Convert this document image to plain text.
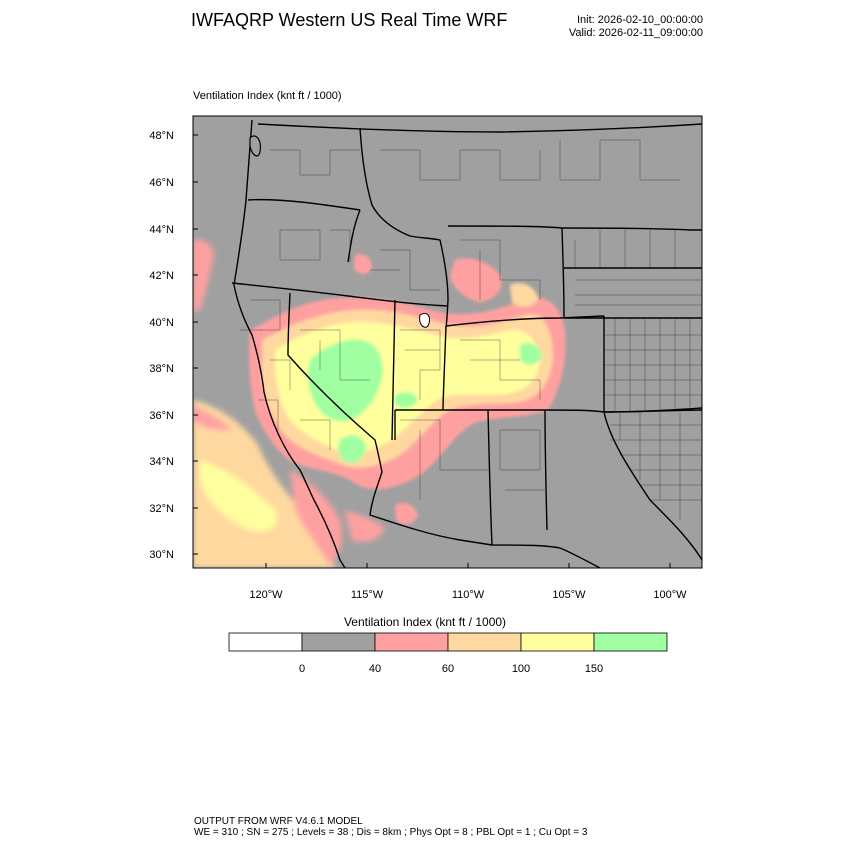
IWFAQRP Western US Real Time WRF	Init: 2026-02-10_00:00:00
Valid: 2026-02-11_09:00:00
Ventilation Index (knt ft / 1000)
48°N
46°N
44°N
42°N
40°N
38°N
36°N
34°N
32°N
30°N
120°W	115°W	110°W	105°W	100°W
0	40	60	100	150
Ventilation Index (knt ft / 1000)
OUTPUT FROM WRF V4.6.1 MODEL
WE = 310 ; SN = 275 ; Levels = 38 ; Dis = 8km ; Phys Opt = 8 ; PBL Opt = 1 ; Cu Opt = 3
